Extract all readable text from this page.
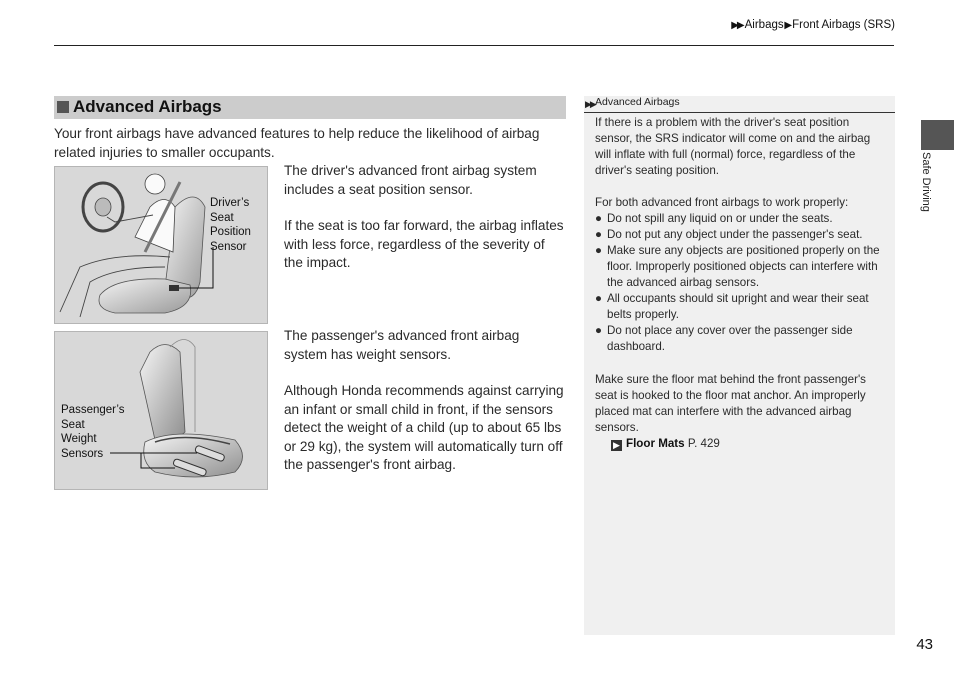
▶▶ Airbags ▶ Front Airbags (SRS)
Advanced Airbags
Your front airbags have advanced features to help reduce the likelihood of airbag related injuries to smaller occupants.
Driver’s
Seat
Position
Sensor
The driver's advanced front airbag system includes a seat position sensor.
If the seat is too far forward, the airbag inflates with less force, regardless of the severity of the impact.
Passenger’s
Seat
Weight
Sensors
The passenger's advanced front airbag system has weight sensors.
Although Honda recommends against carrying an infant or small child in front, if the sensors detect the weight of a child (up to about 65 lbs or 29 kg), the system will automatically turn off the passenger's front airbag.
▶▶ Advanced Airbags
If there is a problem with the driver's seat position sensor, the SRS indicator will come on and the airbag will inflate with full (normal) force, regardless of the driver's seating position.
For both advanced front airbags to work properly:
● Do not spill any liquid on or under the seats.
● Do not put any object under the passenger's seat.
● Make sure any objects are positioned properly on the floor. Improperly positioned objects can interfere with the advanced airbag sensors.
● All occupants should sit upright and wear their seat belts properly.
● Do not place any cover over the passenger side dashboard.
Make sure the floor mat behind the front passenger's seat is hooked to the floor mat anchor. An improperly placed mat can interfere with the advanced airbag sensors.
▶ Floor Mats P. 429
Safe Driving
43
